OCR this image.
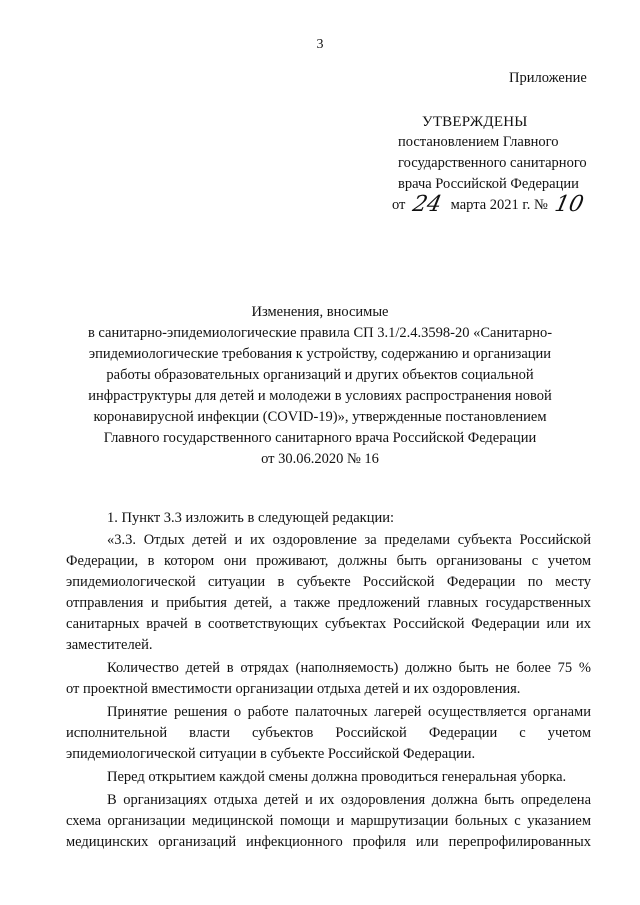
3
Приложение
УТВЕРЖДЕНЫ
постановлением Главного
государственного санитарного
врача Российской Федерации
от 24 марта 2021 г. № 10
Изменения, вносимые
в санитарно-эпидемиологические правила СП 3.1/2.4.3598-20 «Санитарно-
эпидемиологические требования к устройству, содержанию и организации
работы образовательных организаций и других объектов социальной
инфраструктуры для детей и молодежи в условиях распространения новой
коронавирусной инфекции (COVID-19)», утвержденные постановлением
Главного государственного санитарного врача Российской Федерации
от 30.06.2020 № 16
1. Пункт 3.3 изложить в следующей редакции:
«3.3. Отдых детей и их оздоровление за пределами субъекта Российской
Федерации, в котором они проживают, должны быть организованы с учетом
эпидемиологической ситуации в субъекте Российской Федерации по месту
отправления и прибытия детей, а также предложений главных государственных
санитарных врачей в соответствующих субъектах Российской Федерации или их
заместителей.
Количество детей в отрядах (наполняемость) должно быть не более 75 %
от проектной вместимости организации отдыха детей и их оздоровления.
Принятие решения о работе палаточных лагерей осуществляется органами
исполнительной власти субъектов Российской Федерации с учетом
эпидемиологической ситуации в субъекте Российской Федерации.
Перед открытием каждой смены должна проводиться генеральная уборка.
В организациях отдыха детей и их оздоровления должна быть определена
схема организации медицинской помощи и маршрутизации больных с указанием
медицинских организаций инфекционного профиля или перепрофилированных
